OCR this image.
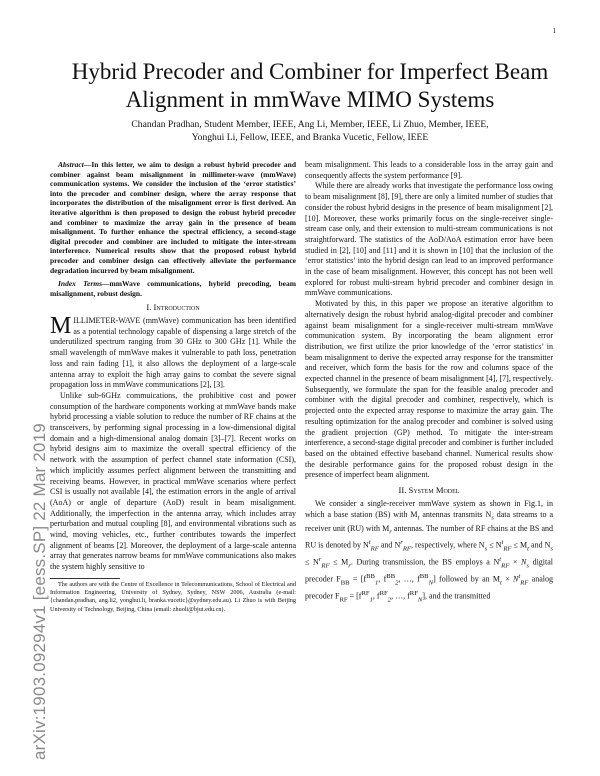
1
arXiv:1903.09294v1 [eess.SP] 22 Mar 2019
Hybrid Precoder and Combiner for Imperfect Beam Alignment in mmWave MIMO Systems
Chandan Pradhan, Student Member, IEEE, Ang Li, Member, IEEE, Li Zhuo, Member, IEEE,
Yonghui Li, Fellow, IEEE, and Branka Vucetic, Fellow, IEEE
Abstract—In this letter, we aim to design a robust hybrid precoder and combiner against beam misalignment in millimeter-wave (mmWave) communication systems. We consider the inclusion of the ‘error statistics’ into the precoder and combiner design, where the array response that incorporates the distribution of the misalignment error is first derived. An iterative algorithm is then proposed to design the robust hybrid precoder and combiner to maximize the array gain in the presence of beam misalignment. To further enhance the spectral efficiency, a second-stage digital precoder and combiner are included to mitigate the inter-stream interference. Numerical results show that the proposed robust hybrid precoder and combiner design can effectively alleviate the performance degradation incurred by beam misalignment.
Index Terms—mmWave communications, hybrid precoding, beam misalignment, robust design.
I. Introduction

MILLIMETER-WAVE (mmWave) communication has been identified as a potential technology capable of dispensing a large stretch of the underutilized spectrum ranging from 30 GHz to 300 GHz [1]. While the small wavelength of mmWave makes it vulnerable to path loss, penetration loss and rain fading [1], it also allows the deployment of a large-scale antenna array to exploit the high array gains to combat the severe signal propagation loss in mmWave communications [2], [3].

Unlike sub-6GHz commuications, the prohibitive cost and power consumption of the hardware components working at mmWave bands make hybrid processing a viable solution to reduce the number of RF chains at the transceivers, by performing signal processing in a low-dimensional digital domain and a high-dimensional analog domain [3]–[7]. Recent works on hybrid designs aim to maximize the overall spectral efficiency of the network with the assumption of perfect channel state information (CSI), which implicitly assumes perfect alignment between the transmitting and receiving beams. However, in practical mmWave scenarios where perfect CSI is usually not available [4], the estimation errors in the angle of arrival (AoA) or angle of departure (AoD) result in beam misalignment. Additionally, the imperfection in the antenna array, which includes array perturbation and mutual coupling [8], and environmental vibrations such as wind, moving vehicles, etc., further contributes towards the imperfect alignment of beams [2]. Moreover, the deployment of a large-scale antenna array that generates narrow beams for mmWave communications also makes the system highly sensitive to

The authors are with the Centre of Excellence in Telecommunications, School of Electrical and Information Engineering, University of Sydney, Sydney, NSW 2006, Australia (e-mail: {chandan.pradhan, ang.li2, yonghui.li, branka.vucetic}@sydney.edu.au). Li Zhuo is with Beijing University of Technology, Beijing, China (email: zhuoli@bjut.edu.cn).

beam misalignment. This leads to a considerable loss in the array gain and consequently affects the system performance [9].

While there are already works that investigate the performance loss owing to beam misalignment [8], [9], there are only a limited number of studies that consider the robust hybrid designs in the presence of beam misalignment [2], [10]. Moreover, these works primarily focus on the single-receiver single-stream case only, and their extension to multi-stream communications is not straightforward. The statistics of the AoD/AoA estimation error have been studied in [2], [10] and [11] and it is shown in [10] that the inclusion of the ‘error statistics’ into the hybrid design can lead to an improved performance in the case of beam misalignment. However, this concept has not been well explored for robust multi-stream hybrid precoder and combiner design in mmWave communications.

Motivated by this, in this paper we propose an iterative algorithm to alternatively design the robust hybrid analog-digital precoder and combiner against beam misalignment for a single-receiver multi-stream mmWave communication system. By incorporating the beam alignment error distribution, we first utilize the prior knowledge of the ‘error statistics’ in beam misalignment to derive the expected array response for the transmitter and receiver, which form the basis for the row and columns space of the expected channel in the presence of beam misalignment [4], [7], respectively. Subsequently, we formulate the span for the feasible analog precoder and combiner with the digital precoder and combiner, respectively, which is projected onto the expected array response to maximize the array gain. The resulting optimization for the analog precoder and combiner is solved using the gradient projection (GP) method. To mitigate the inter-stream interference, a second-stage digital precoder and combiner is further included based on the obtained effective baseband channel. Numerical results show the desirable performance gains for the proposed robust design in the presence of imperfect beam alignment.

II. System Model

We consider a single-receiver mmWave system as shown in Fig.1, in which a base station (BS) with $M_t$ antennas transmits $N_s$ data streams to a receiver unit (RU) with $M_r$ antennas. The number of RF chains at the BS and RU is denoted by $N^t_{RF}$ and $N^r_{RF}$, respectively, where $N_s \le N^t_{RF} \le M_t$ and $N_s \le N^r_{RF} \le M_r$. During transmission, the BS employs a $N^t_{RF} \times N_s$ digital precoder $F_{BB} = [f^{BB}_1$, $f^{BB}_2$, …, $f^{BB}_N$] followed by an $M_t \times N^t_{RF}$ analog precoder $F_{RF} = [f^{RF}_1$, $f^{RF}_2$, …, $f^{RF}_N$], and the transmitted
